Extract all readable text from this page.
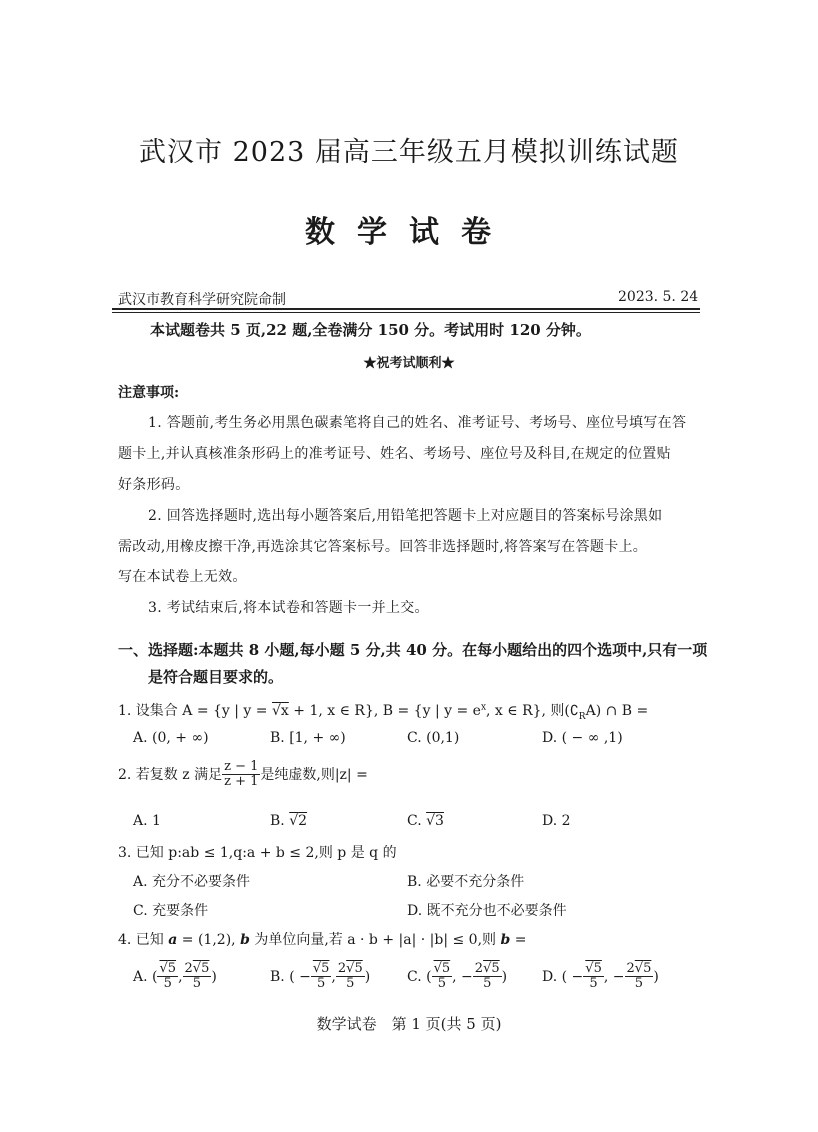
武汉市 2023 届高三年级五月模拟训练试题
数学试卷
武汉市教育科学研究院命制	2023. 5. 24
本试题卷共 5 页,22 题,全卷满分 150 分。考试用时 120 分钟。
★祝考试顺利★
注意事项:
1. 答题前,考生务必用黑色碳素笔将自己的姓名、准考证号、考场号、座位号填写在答
题卡上,并认真核准条形码上的准考证号、姓名、考场号、座位号及科目,在规定的位置贴
好条形码。
2. 回答选择题时,选出每小题答案后,用铅笔把答题卡上对应题目的答案标号涂黑如
需改动,用橡皮擦干净,再选涂其它答案标号。回答非选择题时,将答案写在答题卡上。
写在本试卷上无效。
3. 考试结束后,将本试卷和答题卡一并上交。
一、选择题:本题共 8 小题,每小题 5 分,共 40 分。在每小题给出的四个选项中,只有一项
是符合题目要求的。
1. 设集合 A = {y | y = √ $\overline{x} + 1$, x ∈ R}, B = {y | $y = e^x$, x ∈ R}, 则$(∁_RA)$ ∩ B =
A. (0, + ∞)	B. [1, + ∞)	C. (0,1)	D. ( − ∞ ,1)
2. 若复数 z 满足 $\frac{z - 1}{z + 1}$ 是纯虚数,则|z| =
A. 1	B. √ 2	C. √ 3	D. 2
3. 已知 p:ab ≤ 1,q:a + b ≤ 2,则 p 是 q 的
A. 充分不必要条件	B. 必要不充分条件
C. 充要条件	D. 既不充分也不必要条件
4. 已知 a = (1,2), b 为单位向量,若 a · b + |a| · |b| ≤ 0,则 b =
A. ( √ $\frac{5}{5}$ , $\frac{2 √ 5}{5}$ )	B. ( − √ $\frac{5}{5}$ , $\frac{2 √ 5}{5}$ )	C. ( √ $\frac{5}{5}$ , − $\frac{2 √ 5}{5}$ ) D. ( − √ $\frac{5}{5}$ , − $\frac{2 √ 5}{5}$ )
数学试卷　第 1 页(共 5 页)
